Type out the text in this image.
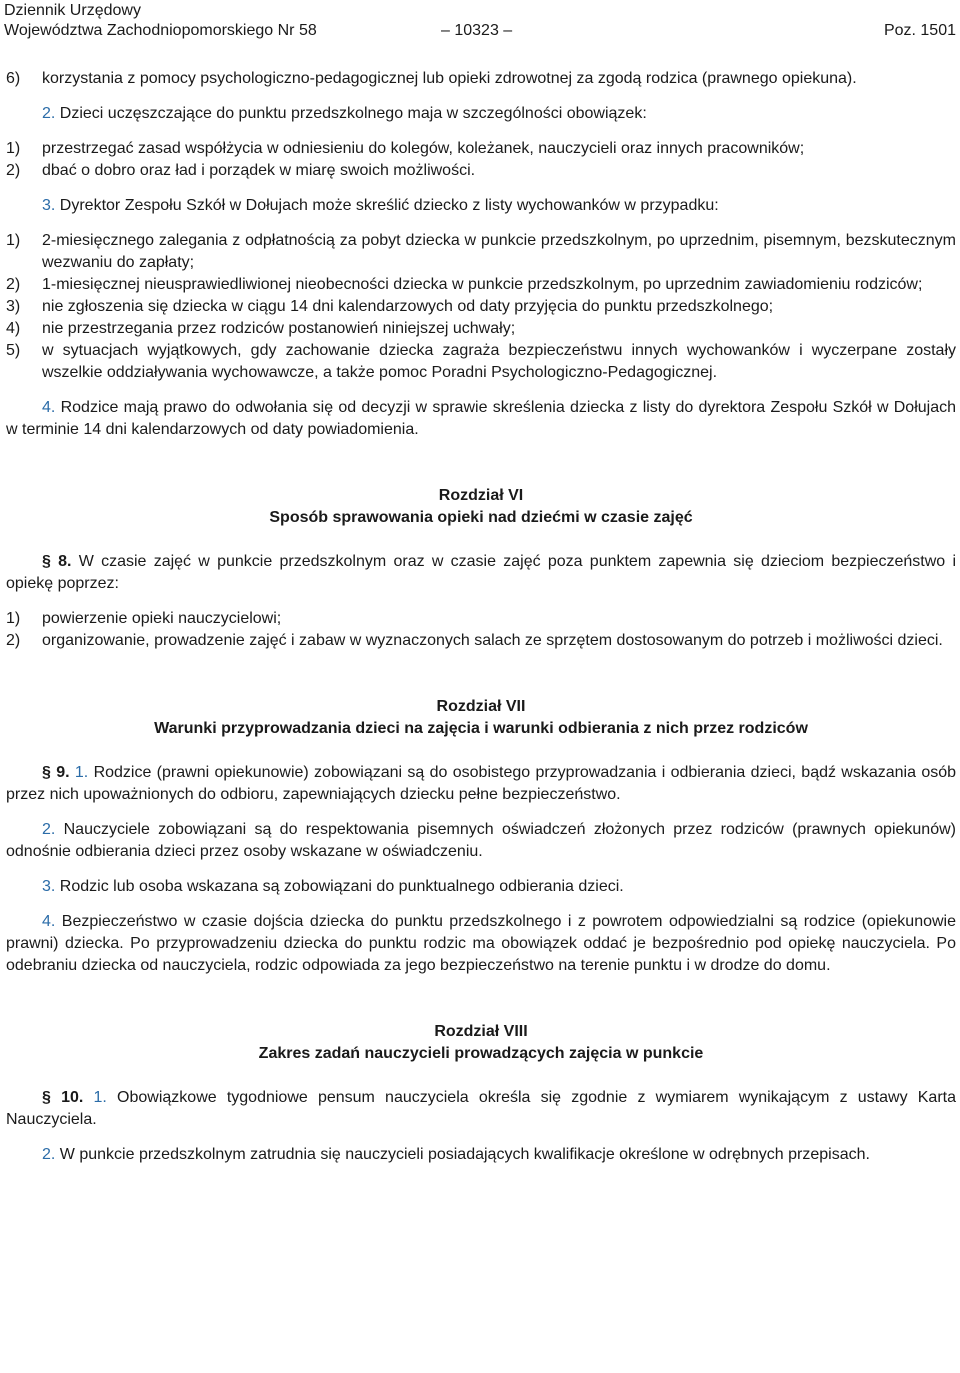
Dziennik Urzędowy
Województwa Zachodniopomorskiego Nr 58	– 10323 –	Poz. 1501
6) korzystania z pomocy psychologiczno-pedagogicznej lub opieki zdrowotnej za zgodą rodzica (prawnego opiekuna).

2. Dzieci uczęszczające do punktu przedszkolnego maja w szczególności obowiązek:

1) przestrzegać zasad współżycia w odniesieniu do kolegów, koleżanek, nauczycieli oraz innych pracowników;
2) dbać o dobro oraz ład i porządek w miarę swoich możliwości.

3. Dyrektor Zespołu Szkół w Dołujach może skreślić dziecko z listy wychowanków w przypadku:

1) 2-miesięcznego zalegania z odpłatnością za pobyt dziecka w punkcie przedszkolnym, po uprzednim, pisemnym, bezskutecznym wezwaniu do zapłaty;
2) 1-miesięcznej nieusprawiedliwionej nieobecności dziecka w punkcie przedszkolnym, po uprzednim zawiadomieniu rodziców;
3) nie zgłoszenia się dziecka w ciągu 14 dni kalendarzowych od daty przyjęcia do punktu przedszkolnego;
4) nie przestrzegania przez rodziców postanowień niniejszej uchwały;
5) w sytuacjach wyjątkowych, gdy zachowanie dziecka zagraża bezpieczeństwu innych wychowanków i wyczerpane zostały wszelkie oddziaływania wychowawcze, a także pomoc Poradni Psychologiczno-Pedagogicznej.

4. Rodzice mają prawo do odwołania się od decyzji w sprawie skreślenia dziecka z listy do dyrektora Zespołu Szkół w Dołujach w terminie 14 dni kalendarzowych od daty powiadomienia.

Rozdział VI

Sposób sprawowania opieki nad dziećmi w czasie zajęć

§ 8. W czasie zajęć w punkcie przedszkolnym oraz w czasie zajęć poza punktem zapewnia się dzieciom bezpieczeństwo i opiekę poprzez:

1) powierzenie opieki nauczycielowi;
2) organizowanie, prowadzenie zajęć i zabaw w wyznaczonych salach ze sprzętem dostosowanym do potrzeb i możliwości dzieci.

Rozdział VII

Warunki przyprowadzania dzieci na zajęcia i warunki odbierania z nich przez rodziców

§ 9. 1. Rodzice (prawni opiekunowie) zobowiązani są do osobistego przyprowadzania i odbierania dzieci, bądź wskazania osób przez nich upoważnionych do odbioru, zapewniających dziecku pełne bezpieczeństwo.

2. Nauczyciele zobowiązani są do respektowania pisemnych oświadczeń złożonych przez rodziców (prawnych opiekunów) odnośnie odbierania dzieci przez osoby wskazane w oświadczeniu.

3. Rodzic lub osoba wskazana są zobowiązani do punktualnego odbierania dzieci.

4. Bezpieczeństwo w czasie dojścia dziecka do punktu przedszkolnego i z powrotem odpowiedzialni są rodzice (opiekunowie prawni) dziecka. Po przyprowadzeniu dziecka do punktu rodzic ma obowiązek oddać je bezpośrednio pod opiekę nauczyciela. Po odebraniu dziecka od nauczyciela, rodzic odpowiada za jego bezpieczeństwo na terenie punktu i w drodze do domu.

Rozdział VIII

Zakres zadań nauczycieli prowadzących zajęcia w punkcie

§ 10. 1. Obowiązkowe tygodniowe pensum nauczyciela określa się zgodnie z wymiarem wynikającym z ustawy Karta Nauczyciela.

2. W punkcie przedszkolnym zatrudnia się nauczycieli posiadających kwalifikacje określone w odrębnych przepisach.
